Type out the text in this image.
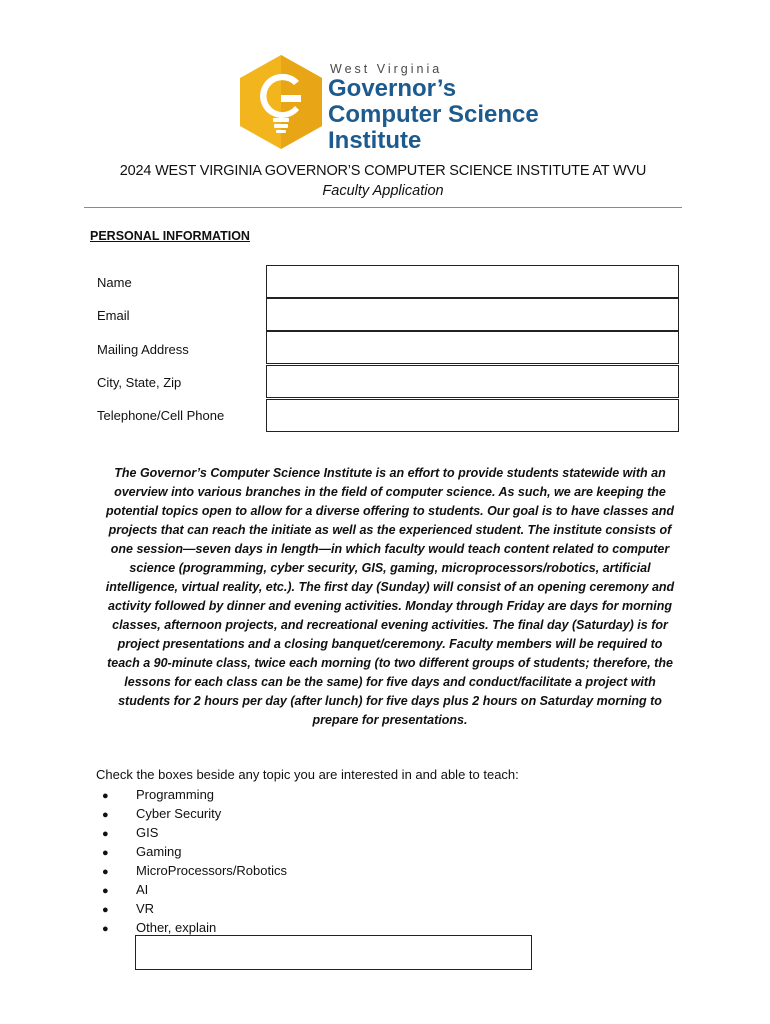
West Virginia
Governor’s
Computer Science
Institute
2024 WEST VIRGINIA GOVERNOR’S COMPUTER SCIENCE INSTITUTE AT WVU
Faculty Application
PERSONAL INFORMATION
Name
Email
Mailing Address
City, State, Zip
Telephone/Cell Phone
The Governor’s Computer Science Institute is an effort to provide students statewide with an overview into various branches in the field of computer science. As such, we are keeping the potential topics open to allow for a diverse offering to students. Our goal is to have classes and projects that can reach the initiate as well as the experienced student. The institute consists of one session—seven days in length—in which faculty would teach content related to computer science (programming, cyber security, GIS, gaming, microprocessors/robotics, artificial intelligence, virtual reality, etc.). The first day (Sunday) will consist of an opening ceremony and activity followed by dinner and evening activities. Monday through Friday are days for morning classes, afternoon projects, and recreational evening activities. The final day (Saturday) is for project presentations and a closing banquet/ceremony. Faculty members will be required to teach a 90-minute class, twice each morning (to two different groups of students; therefore, the lessons for each class can be the same) for five days and conduct/facilitate a project with students for 2 hours per day (after lunch) for five days plus 2 hours on Saturday morning to prepare for presentations.
Check the boxes beside any topic you are interested in and able to teach:
● Programming
● Cyber Security
● GIS
● Gaming
● MicroProcessors/Robotics
● AI
● VR
● Other, explain
